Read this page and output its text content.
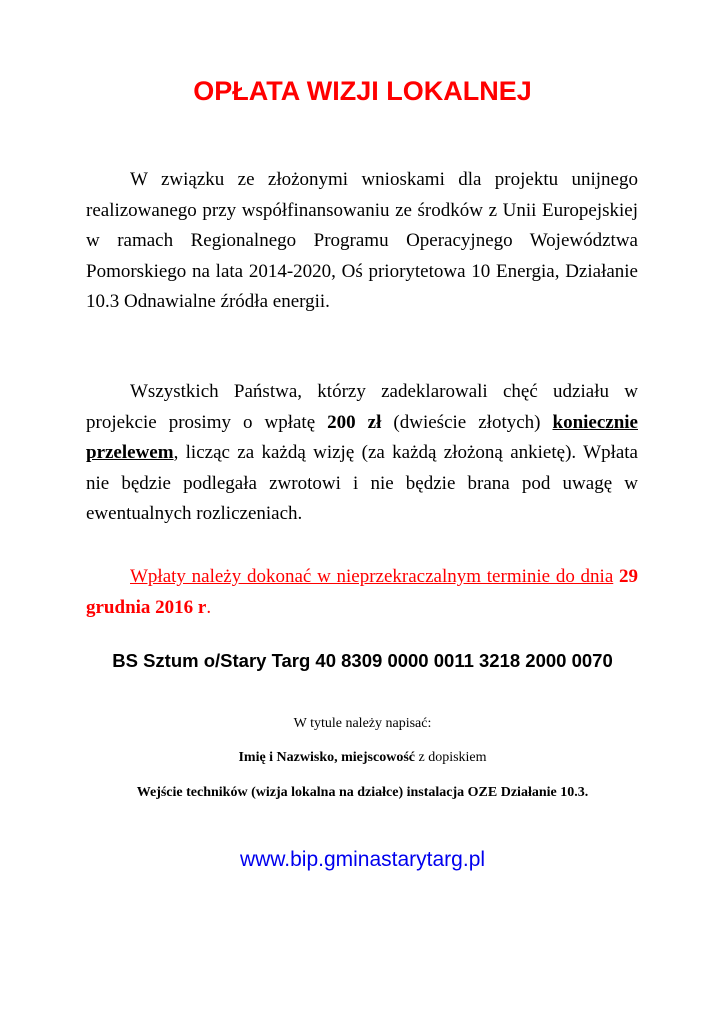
OPŁATA WIZJI LOKALNEJ
W związku ze złożonymi wnioskami dla projektu unijnego realizowanego przy współfinansowaniu ze środków z Unii Europejskiej w ramach Regionalnego Programu Operacyjnego Województwa Pomorskiego na lata 2014-2020, Oś priorytetowa 10 Energia, Działanie 10.3 Odnawialne źródła energii.
Wszystkich Państwa, którzy zadeklarowali chęć udziału w projekcie prosimy o wpłatę 200 zł (dwieście złotych) koniecznie przelewem, licząc za każdą wizję (za każdą złożoną ankietę). Wpłata nie będzie podlegała zwrotowi i nie będzie brana pod uwagę w ewentualnych rozliczeniach.
Wpłaty należy dokonać w nieprzekraczalnym terminie do dnia 29 grudnia 2016 r.
BS Sztum o/Stary Targ 40 8309 0000 0011 3218 2000 0070
W tytule należy napisać:
Imię i Nazwisko, miejscowość z dopiskiem
Wejście techników (wizja lokalna na działce) instalacja OZE Działanie 10.3.
www.bip.gminastarytarg.pl
